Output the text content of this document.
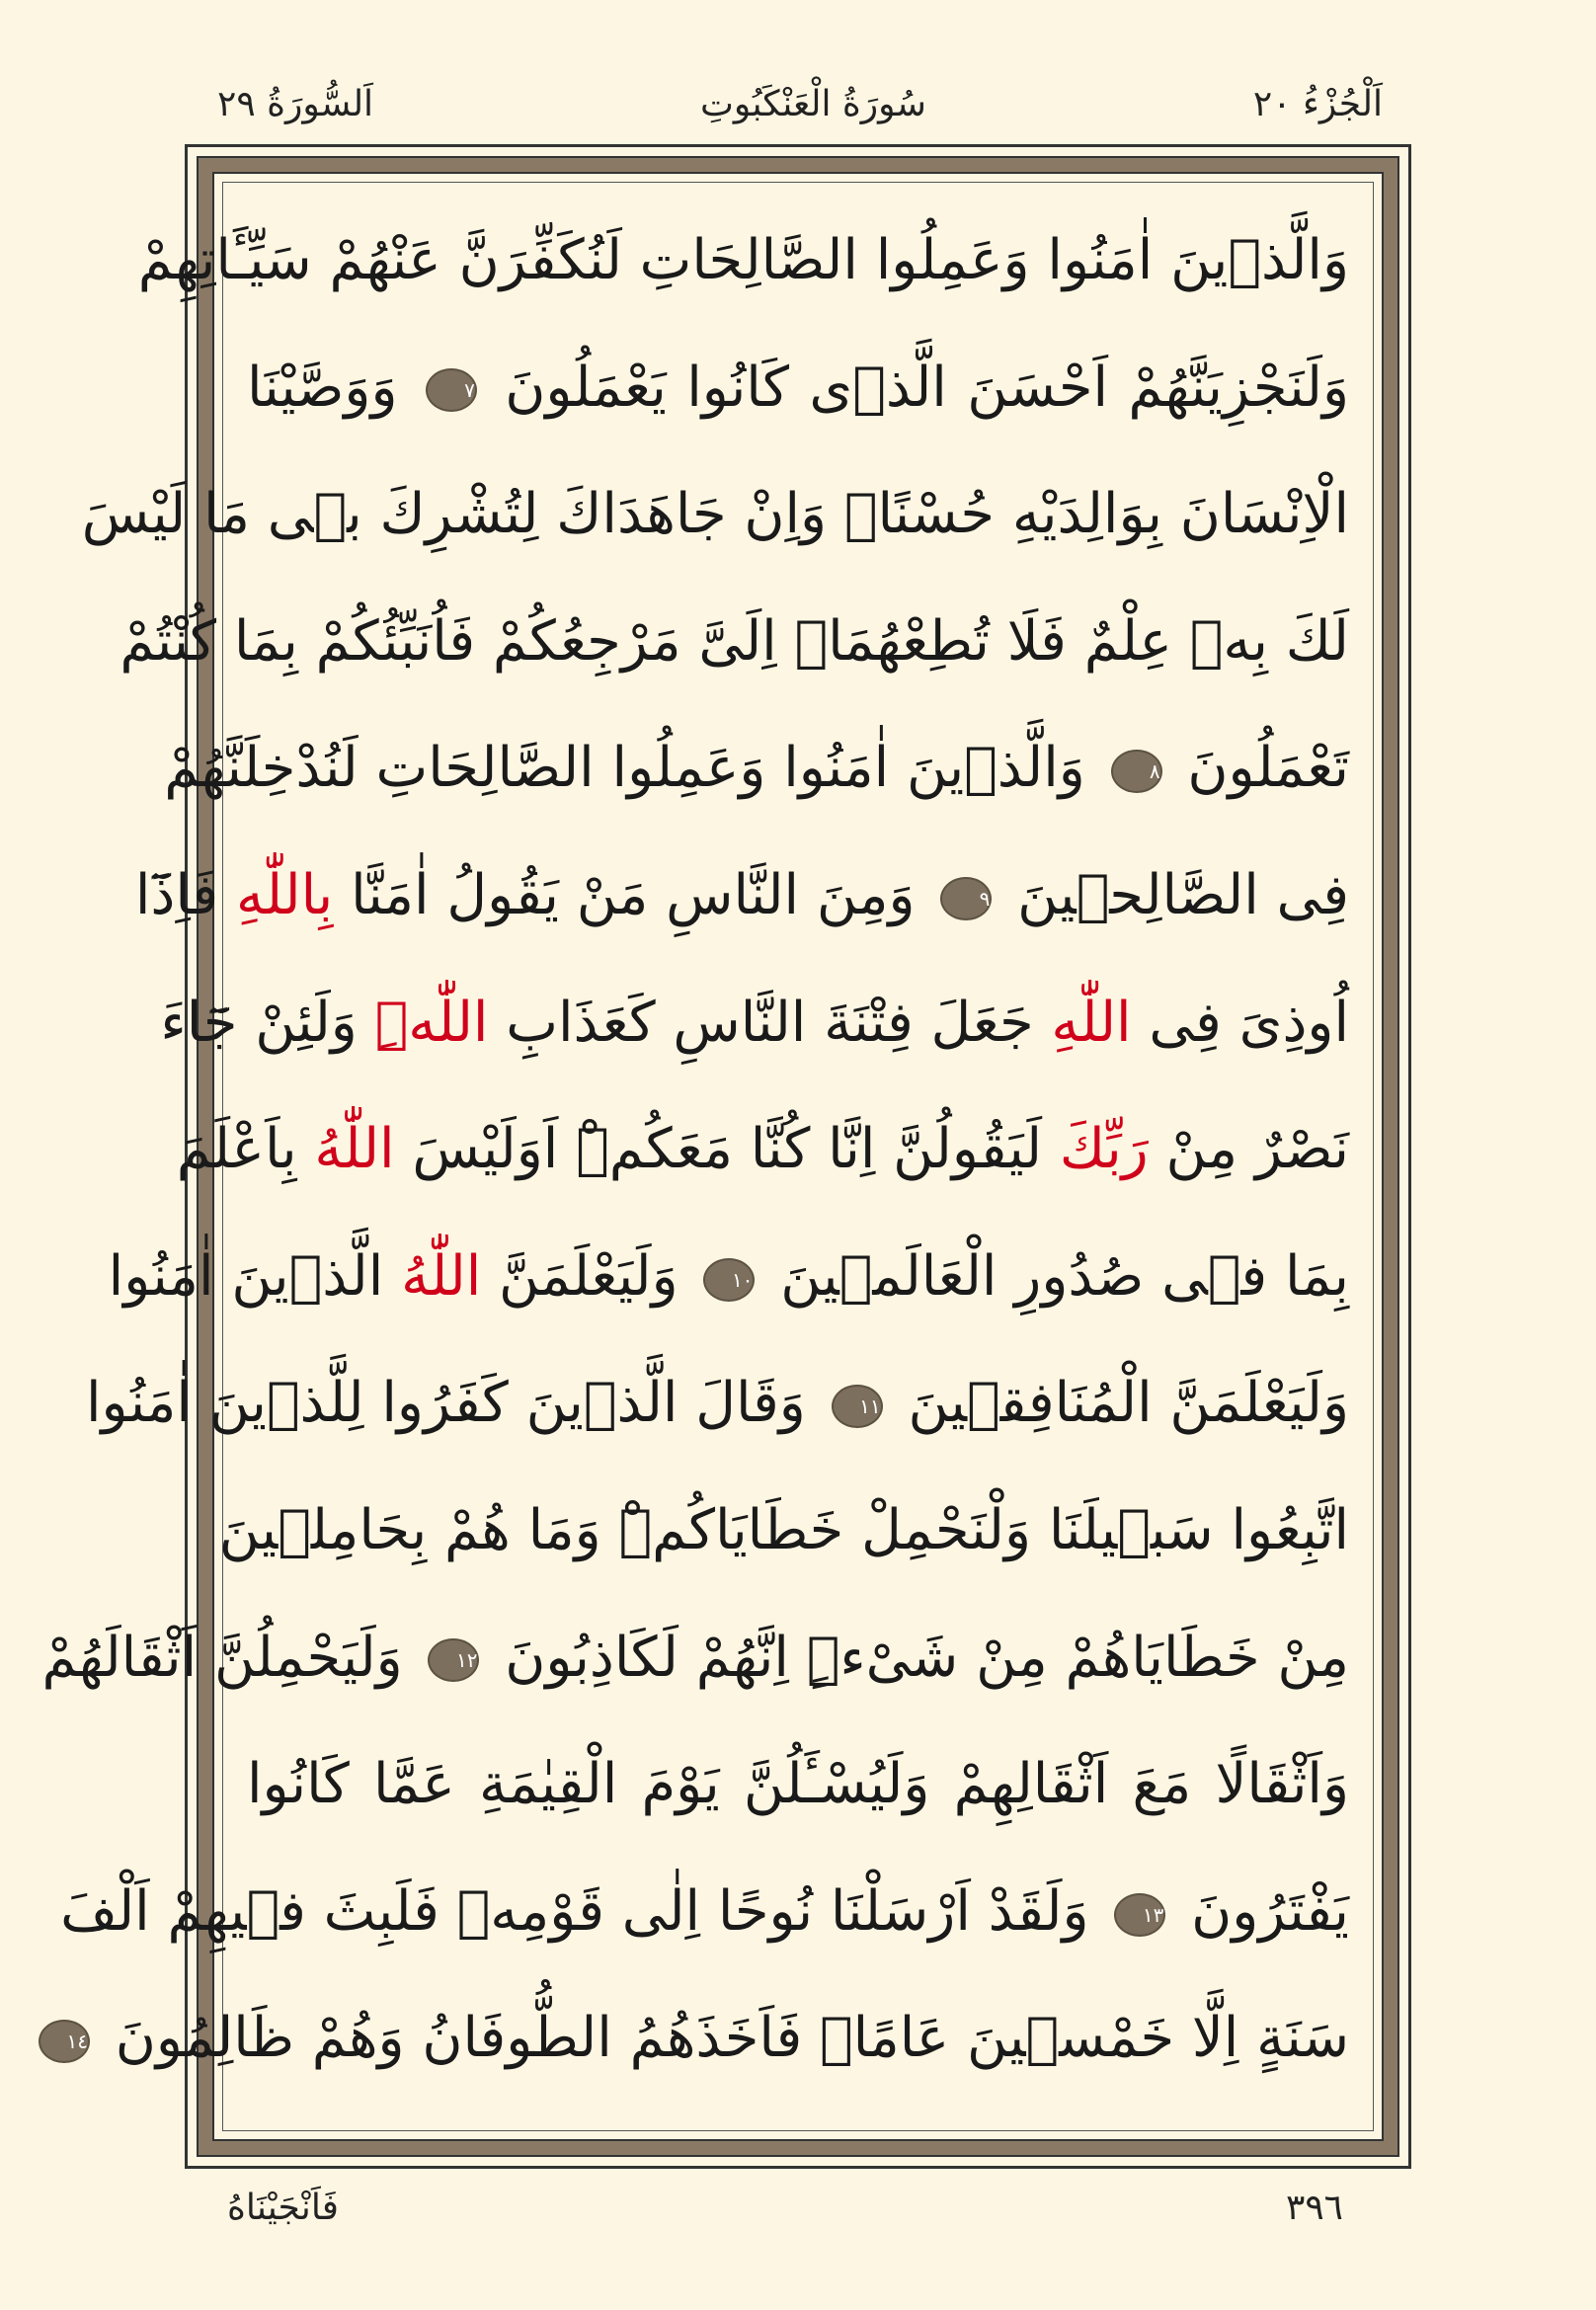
اَلْجُزْءُ ٢٠
سُورَةُ الْعَنْكَبُوتِ
اَلسُّورَةُ ٢٩
وَالَّذٖينَ اٰمَنُوا وَعَمِلُوا الصَّالِحَاتِ لَنُكَفِّرَنَّ عَنْهُمْ سَيِّـَٔاتِهِمْ
وَلَنَجْزِيَنَّهُمْ اَحْسَنَ الَّذٖى كَانُوا يَعْمَلُونَ ٧ وَوَصَّيْنَا
الْاِنْسَانَ بِوَالِدَيْهِ حُسْنًاۜ وَاِنْ جَاهَدَاكَ لِتُشْرِكَ بٖى مَا لَيْسَ
لَكَ بِهٖ عِلْمٌ فَلَا تُطِعْهُمَاۜ اِلَیَّ مَرْجِعُكُمْ فَاُنَبِّئُكُمْ بِمَا كُنْتُمْ
تَعْمَلُونَ ٨ وَالَّذٖينَ اٰمَنُوا وَعَمِلُوا الصَّالِحَاتِ لَنُدْخِلَنَّهُمْ
فِى الصَّالِحٖينَ ٩ وَمِنَ النَّاسِ مَنْ يَقُولُ اٰمَنَّا بِاللّٰهِ فَاِذَٓا
اُوذِىَ فِى اللّٰهِ جَعَلَ فِتْنَةَ النَّاسِ كَعَذَابِ اللّٰهِۜ وَلَئِنْ جَٓاءَ
نَصْرٌ مِنْ رَبِّكَ لَيَقُولُنَّ اِنَّا كُنَّا مَعَكُمْۜ اَوَلَيْسَ اللّٰهُ بِاَعْلَمَ
بِمَا فٖى صُدُورِ الْعَالَمٖينَ ١٠ وَلَيَعْلَمَنَّ اللّٰهُ الَّذٖينَ اٰمَنُوا
وَلَيَعْلَمَنَّ الْمُنَافِقٖينَ ١١ وَقَالَ الَّذٖينَ كَفَرُوا لِلَّذٖينَ اٰمَنُوا
اتَّبِعُوا سَبٖيلَنَا وَلْنَحْمِلْ خَطَايَاكُمْۜ وَمَا هُمْ بِحَامِلٖينَ
مِنْ خَطَايَاهُمْ مِنْ شَیْءٍۜ اِنَّهُمْ لَكَاذِبُونَ ١٢ وَلَيَحْمِلُنَّ اَثْقَالَهُمْ
وَاَثْقَالًا مَعَ اَثْقَالِهِمْ وَلَيُسْـَٔلُنَّ يَوْمَ الْقِيٰمَةِ عَمَّا كَانُوا
يَفْتَرُونَ ١٣ وَلَقَدْ اَرْسَلْنَا نُوحًا اِلٰى قَوْمِهٖ فَلَبِثَ فٖيهِمْ اَلْفَ
سَنَةٍ اِلَّا خَمْسٖينَ عَامًاۜ فَاَخَذَهُمُ الطُّوفَانُ وَهُمْ ظَالِمُونَ ١٤
٣٩٦
فَاَنْجَيْنَاهُ
